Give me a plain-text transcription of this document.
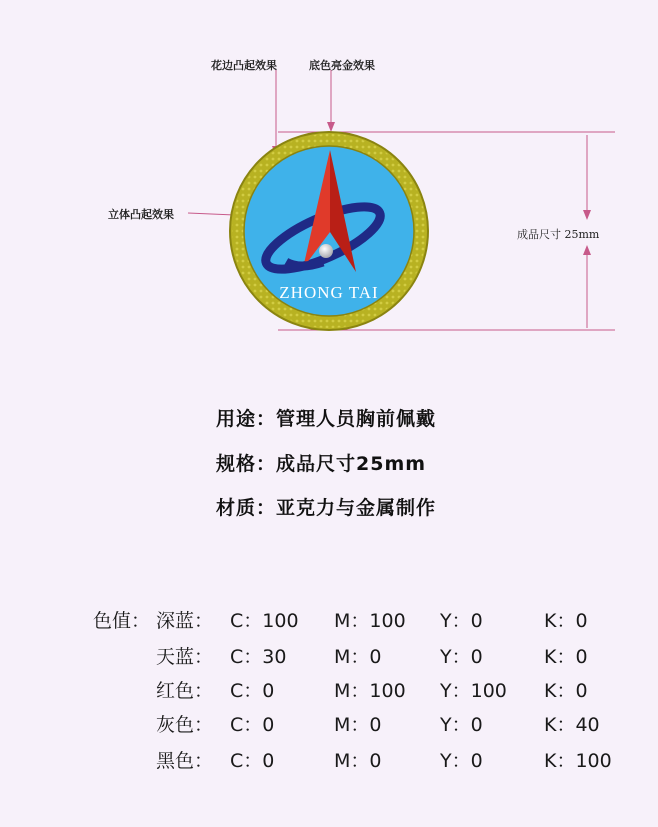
ZHONG TAI
花边凸起效果	底色亮金效果
立体凸起效果
成品尺寸 25mm
用途：管理人员胸前佩戴
规格：成品尺寸25mm
材质：亚克力与金属制作
色值： 深蓝： C：100 M：100 Y：0	K：0
天蓝： C：30	M：0	Y：0	K：0
红色： C：0	M：100 Y：100 K：0
灰色： C：0	M：0	Y：0	K：40
黑色： C：0	M：0	Y：0	K：100
